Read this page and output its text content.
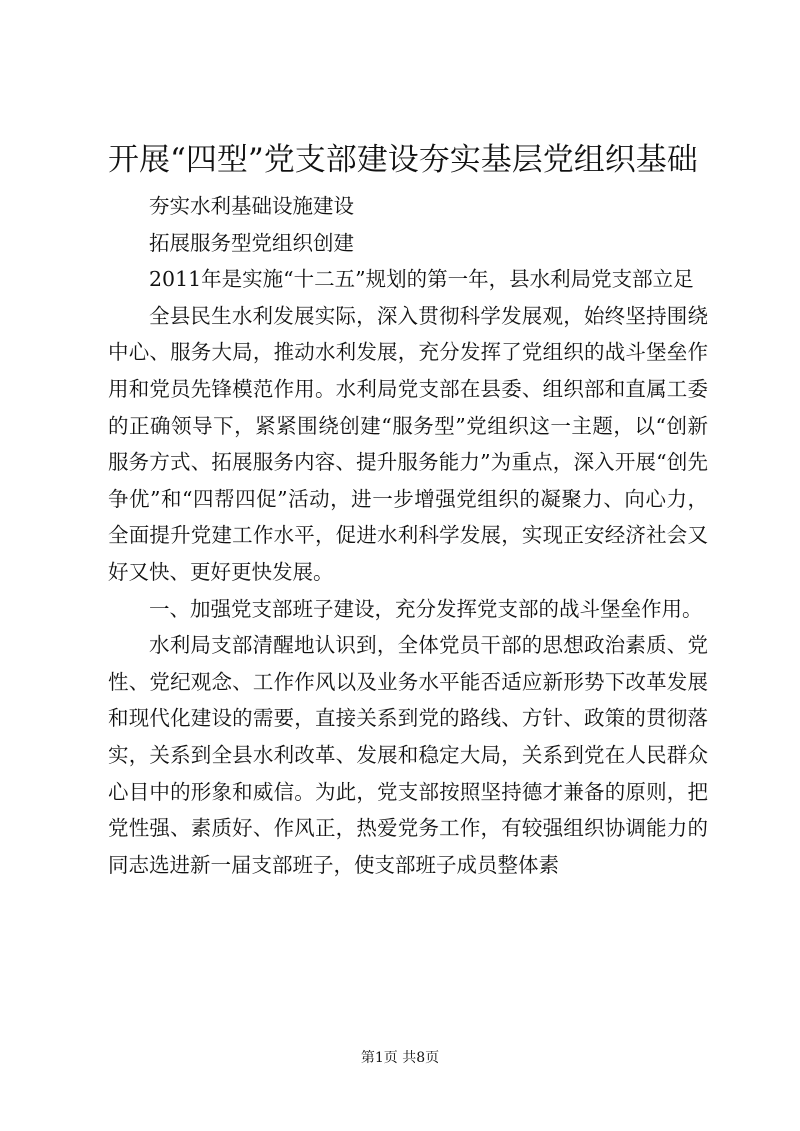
开展“四型”党支部建设夯实基层党组织基础

夯实水利基础设施建设

拓展服务型党组织创建

2011年是实施“十二五”规划的第一年，县水利局党支部立足

全县民生水利发展实际，深入贯彻科学发展观，始终坚持围绕中心、服务大局，推动水利发展，充分发挥了党组织的战斗堡垒作用和党员先锋模范作用。水利局党支部在县委、组织部和直属工委的正确领导下，紧紧围绕创建“服务型”党组织这一主题，以“创新服务方式、拓展服务内容、提升服务能力”为重点，深入开展“创先争优”和“四帮四促”活动，进一步增强党组织的凝聚力、向心力，全面提升党建工作水平，促进水利科学发展，实现正安经济社会又好又快、更好更快发展。

一、加强党支部班子建设，充分发挥党支部的战斗堡垒作用。

水利局支部清醒地认识到，全体党员干部的思想政治素质、党性、党纪观念、工作作风以及业务水平能否适应新形势下改革发展和现代化建设的需要，直接关系到党的路线、方针、政策的贯彻落实，关系到全县水利改革、发展和稳定大局，关系到党在人民群众心目中的形象和威信。为此，党支部按照坚持德才兼备的原则，把党性强、素质好、作风正，热爱党务工作，有较强组织协调能力的同志选进新一届支部班子，使支部班子成员整体素

第1页 共8页
